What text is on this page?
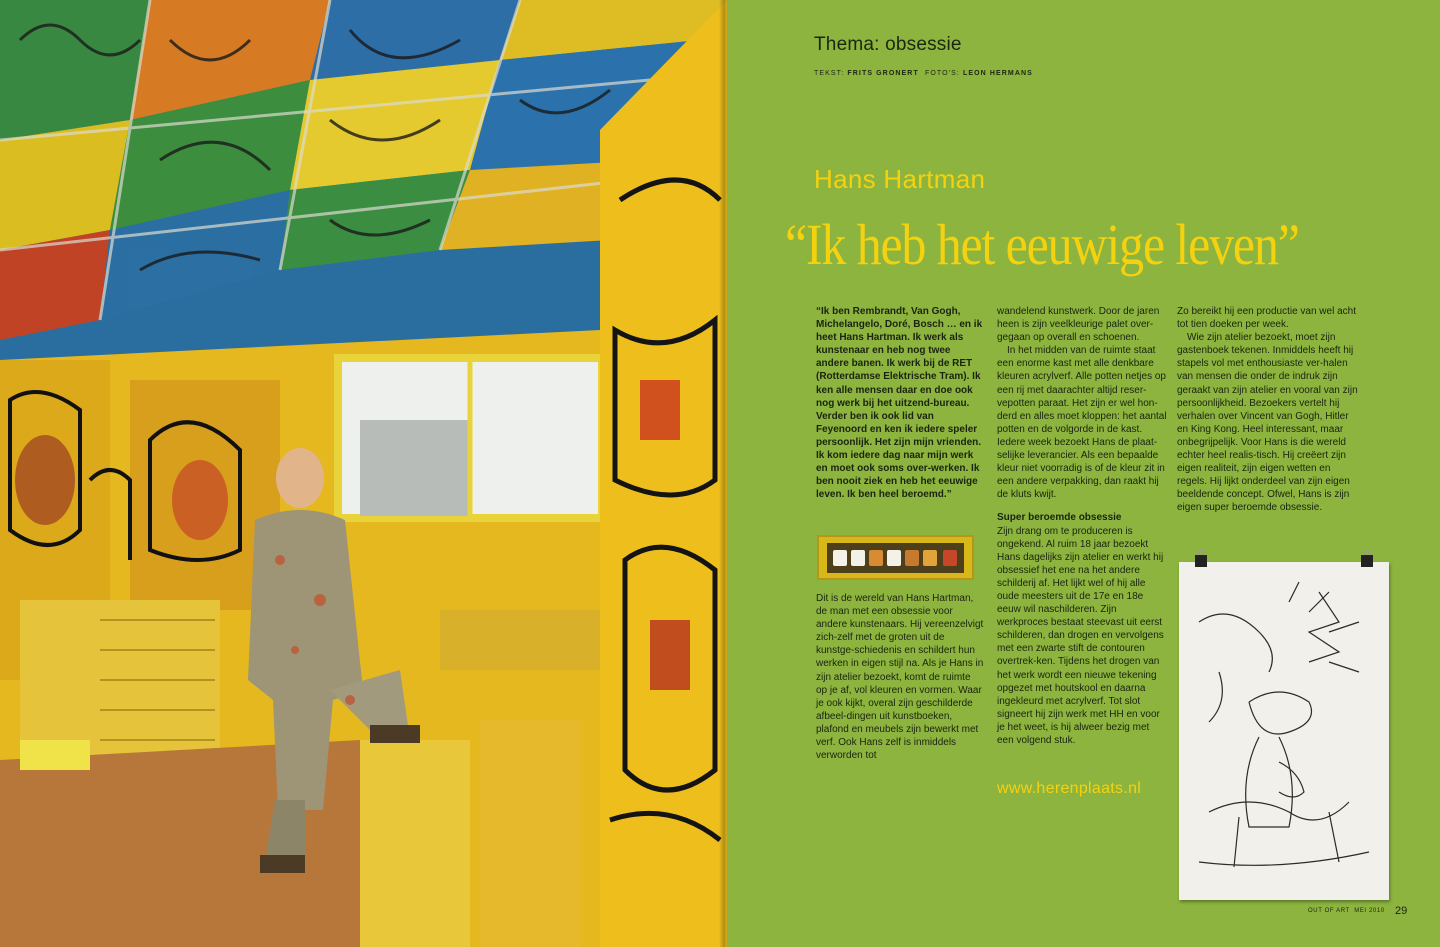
Thema: obsessie
TEKST: FRITS GRONERT FOTO'S: LEON HERMANS
Hans Hartman
“Ik heb het eeuwige leven”

“Ik ben Rembrandt, Van Gogh, Michelangelo, Doré, Bosch … en ik heet Hans Hartman. Ik werk als kunstenaar en heb nog twee andere banen. Ik werk bij de RET (Rotterdamse Elektrische Tram). Ik ken alle mensen daar en doe ook nog werk bij het uitzend-bureau. Verder ben ik ook lid van Feyenoord en ken ik iedere speler persoonlijk. Het zijn mijn vrienden. Ik kom iedere dag naar mijn werk en moet ook soms over-werken. Ik ben nooit ziek en heb het eeuwige leven. Ik ben heel beroemd.”

Dit is de wereld van Hans Hartman, de man met een obsessie voor andere kunstenaars. Hij vereenzelvigt zich-zelf met de groten uit de kunstge-schiedenis en schildert hun werken in eigen stijl na. Als je Hans in zijn atelier bezoekt, komt de ruimte op je af, vol kleuren en vormen. Waar je ook kijkt, overal zijn geschilderde afbeel-dingen uit kunstboeken, plafond en meubels zijn bewerkt met verf. Ook Hans zelf is inmiddels verworden tot

wandelend kunstwerk. Door de jaren heen is zijn veelkleurige palet over-gegaan op overall en schoenen.

In het midden van de ruimte staat een enorme kast met alle denkbare kleuren acrylverf. Alle potten netjes op een rij met daarachter altijd reser-vepotten paraat. Het zijn er wel hon-derd en alles moet kloppen: het aantal potten en de volgorde in de kast. Iedere week bezoekt Hans de plaat-selijke leverancier. Als een bepaalde kleur niet voorradig is of de kleur zit in een andere verpakking, dan raakt hij de kluts kwijt.

Super beroemde obsessie

Zijn drang om te produceren is ongekend. Al ruim 18 jaar bezoekt Hans dagelijks zijn atelier en werkt hij obsessief het ene na het andere schilderij af. Het lijkt wel of hij alle oude meesters uit de 17e en 18e eeuw wil naschilderen. Zijn werkproces bestaat steevast uit eerst schilderen, dan drogen en vervolgens met een zwarte stift de contouren overtrek-ken. Tijdens het drogen van het werk wordt een nieuwe tekening opgezet met houtskool en daarna ingekleurd met acrylverf. Tot slot signeert hij zijn werk met HH en voor je het weet, is hij alweer bezig met een volgend stuk.

Zo bereikt hij een productie van wel acht tot tien doeken per week.

Wie zijn atelier bezoekt, moet zijn gastenboek tekenen. Inmiddels heeft hij stapels vol met enthousiaste ver-halen van mensen die onder de indruk zijn geraakt van zijn atelier en vooral van zijn persoonlijkheid. Bezoekers vertelt hij verhalen over Vincent van Gogh, Hitler en King Kong. Heel interessant, maar onbegrijpelijk. Voor Hans is die wereld echter heel realis-tisch. Hij creëert zijn eigen realiteit, zijn eigen wetten en regels. Hij lijkt onderdeel van zijn eigen beeldende concept. Ofwel, Hans is zijn eigen super beroemde obsessie.

www.herenplaats.nl
OUT OF ART MEI 2010 29
